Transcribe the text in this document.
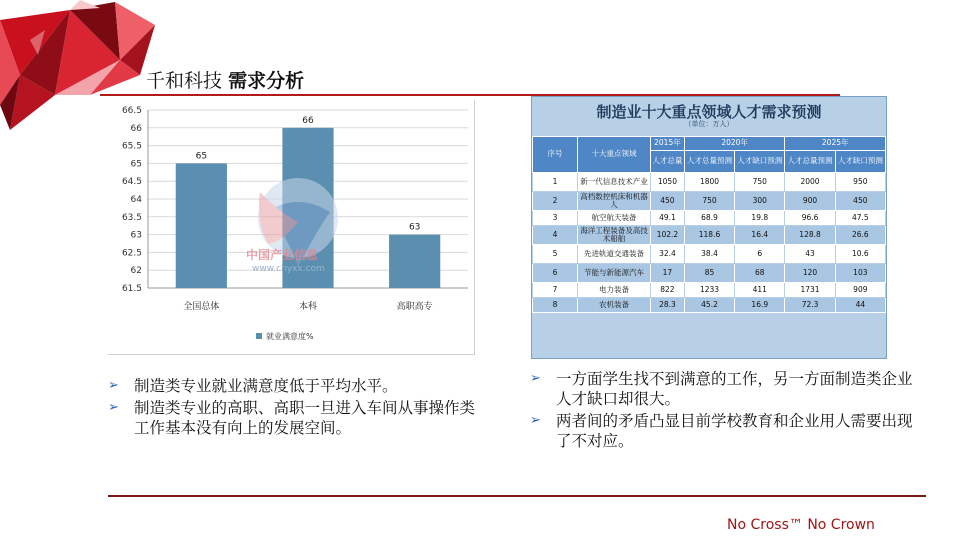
千和科技 需求分析
61.5
62
62.5
63
63.5
64
64.5
65
65.5
66
66.5
65
全国总体
66
本科
63
高职高专
中国产业信息
www.chyxx.com
就业满意度%
制造业十大重点领域人才需求预测
（单位：万人）
序号	十大重点领域	2015年	2020年		2025年	
		人才总量	人才总量预测	人才缺口预测	人才总量预测	人才缺口预测
1	新一代信息技术产业	1050	1800	750	2000	950
2	高档数控机床和机器人	450	750	300	900	450
3	航空航天装备	49.1	68.9	19.8	96.6	47.5
4	海洋工程装备及高技术船舶	102.2	118.6	16.4	128.8	26.6
5	先进轨道交通装备	32.4	38.4	6	43	10.6
6	节能与新能源汽车	17	85	68	120	103
7	电力装备	822	1233	411	1731	909
8	农机装备	28.3	45.2	16.9	72.3	44
➢ 制造类专业就业满意度低于平均水平。
➢ 制造类专业的高职、高职一旦进入车间从事操作类工作基本没有向上的发展空间。
➢ 一方面学生找不到满意的工作，另一方面制造类企业人才缺口却很大。
➢ 两者间的矛盾凸显目前学校教育和企业用人需要出现了不对应。
No Cross™ No Crown
